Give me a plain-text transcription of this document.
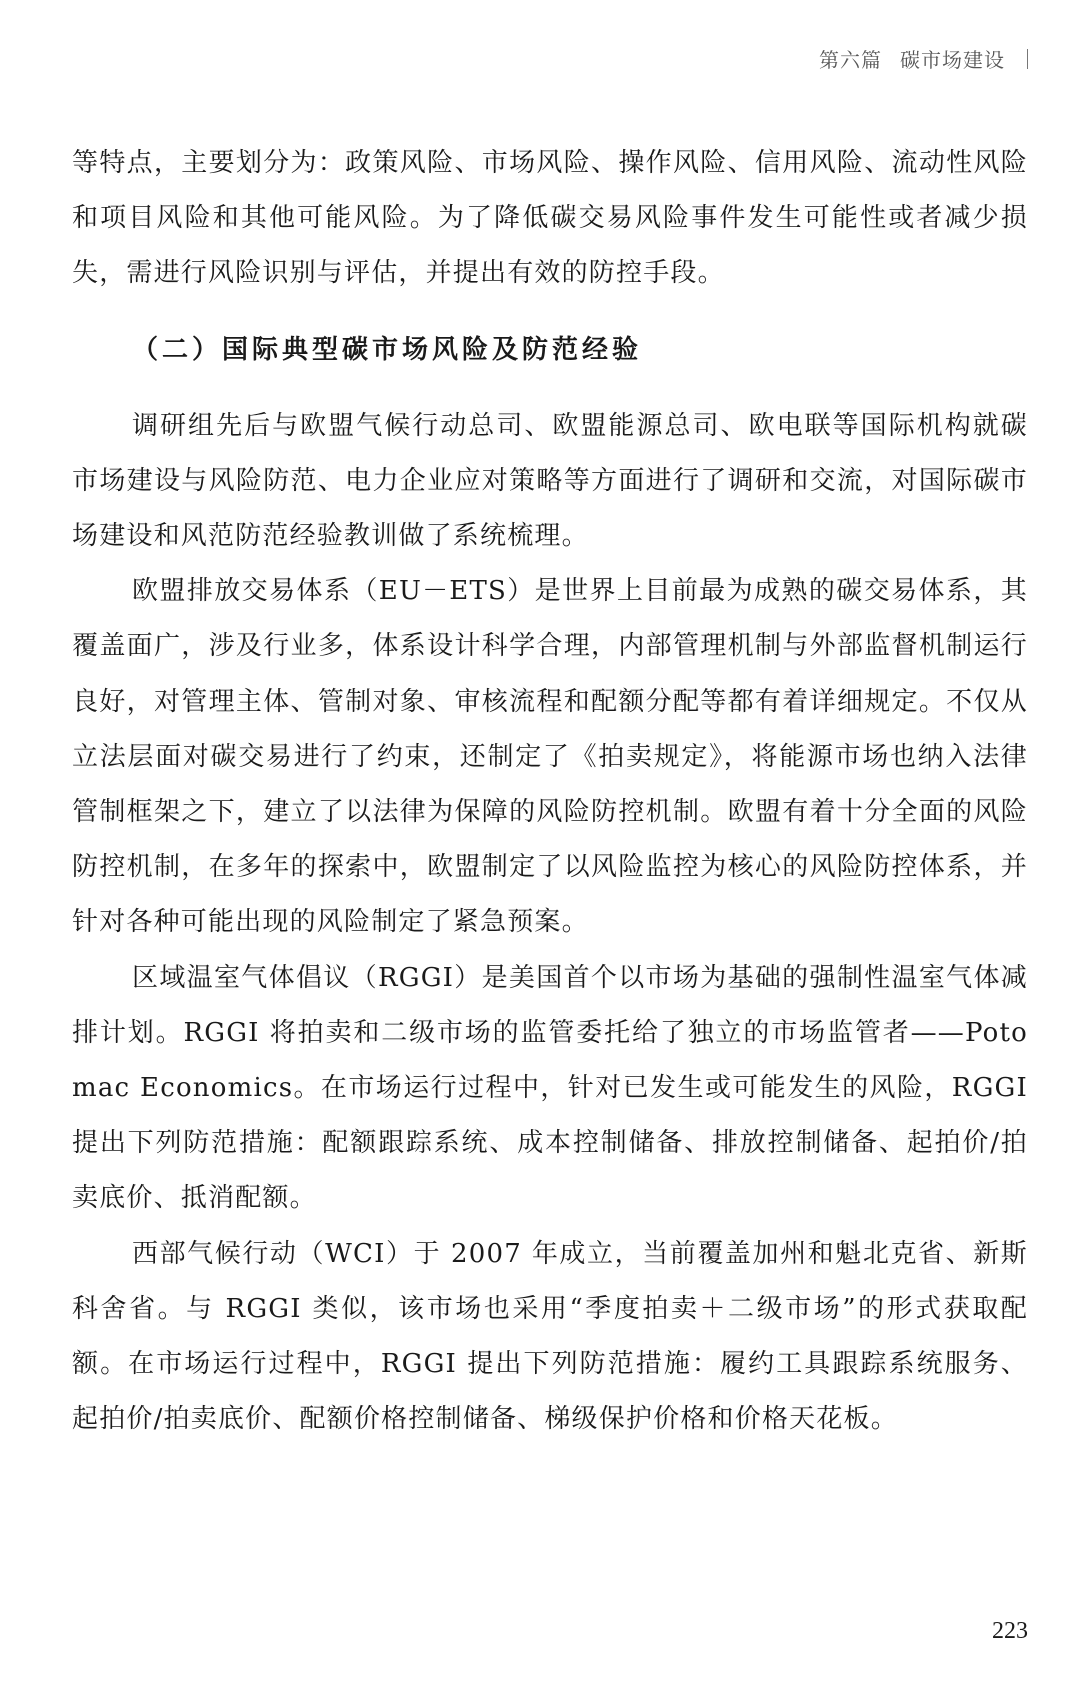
第六篇 碳市场建设

等特点，主要划分为：政策风险、市场风险、操作风险、信用风险、流动性风险和项目风险和其他可能风险。为了降低碳交易风险事件发生可能性或者减少损失，需进行风险识别与评估，并提出有效的防控手段。

（二）国际典型碳市场风险及防范经验

调研组先后与欧盟气候行动总司、欧盟能源总司、欧电联等国际机构就碳市场建设与风险防范、电力企业应对策略等方面进行了调研和交流，对国际碳市场建设和风范防范经验教训做了系统梳理。

欧盟排放交易体系（EU－ETS）是世界上目前最为成熟的碳交易体系，其覆盖面广，涉及行业多，体系设计科学合理，内部管理机制与外部监督机制运行良好，对管理主体、管制对象、审核流程和配额分配等都有着详细规定。不仅从立法层面对碳交易进行了约束，还制定了《拍卖规定》，将能源市场也纳入法律管制框架之下，建立了以法律为保障的风险防控机制。欧盟有着十分全面的风险防控机制，在多年的探索中，欧盟制定了以风险监控为核心的风险防控体系，并针对各种可能出现的风险制定了紧急预案。

区域温室气体倡议（RGGI）是美国首个以市场为基础的强制性温室气体减排计划。RGGI 将拍卖和二级市场的监管委托给了独立的市场监管者——Potomac Economics。在市场运行过程中，针对已发生或可能发生的风险，RGGI 提出下列防范措施：配额跟踪系统、成本控制储备、排放控制储备、起拍价/拍卖底价、抵消配额。

西部气候行动（WCI）于 2007 年成立，当前覆盖加州和魁北克省、新斯科舍省。与 RGGI 类似，该市场也采用“季度拍卖＋二级市场”的形式获取配额。在市场运行过程中，RGGI 提出下列防范措施：履约工具跟踪系统服务、起拍价/拍卖底价、配额价格控制储备、梯级保护价格和价格天花板。

223
